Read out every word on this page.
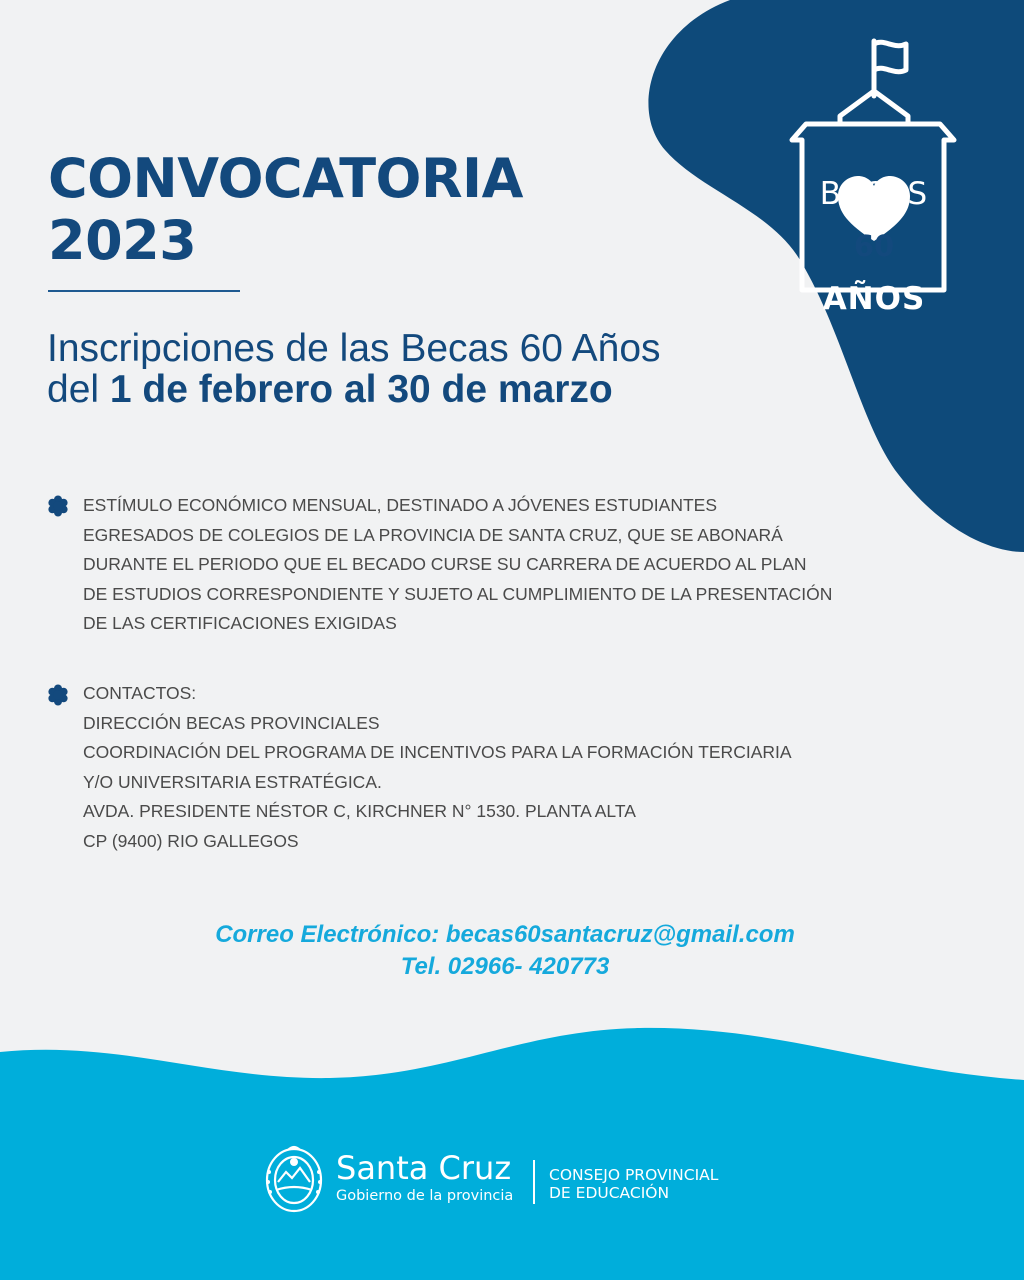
CONVOCATORIA
2023
Inscripciones de las Becas 60 Años
del 1 de febrero al 30 de marzo
BECAS
60
AÑOS
ESTÍMULO ECONÓMICO MENSUAL, DESTINADO A JÓVENES ESTUDIANTES
EGRESADOS DE COLEGIOS DE LA PROVINCIA DE SANTA CRUZ, QUE SE ABONARÁ
DURANTE EL PERIODO QUE EL BECADO CURSE SU CARRERA DE ACUERDO AL PLAN
DE ESTUDIOS CORRESPONDIENTE Y SUJETO AL CUMPLIMIENTO DE LA PRESENTACIÓN
DE LAS CERTIFICACIONES EXIGIDAS
CONTACTOS:
DIRECCIÓN BECAS PROVINCIALES
COORDINACIÓN DEL PROGRAMA DE INCENTIVOS PARA LA FORMACIÓN TERCIARIA
Y/O UNIVERSITARIA ESTRATÉGICA.
AVDA. PRESIDENTE NÉSTOR C, KIRCHNER N° 1530. PLANTA ALTA
CP (9400) RIO GALLEGOS
Correo Electrónico: becas60santacruz@gmail.com
Tel. 02966- 420773
Santa Cruz
Gobierno de la provincia
CONSEJO PROVINCIAL
DE EDUCACIÓN
